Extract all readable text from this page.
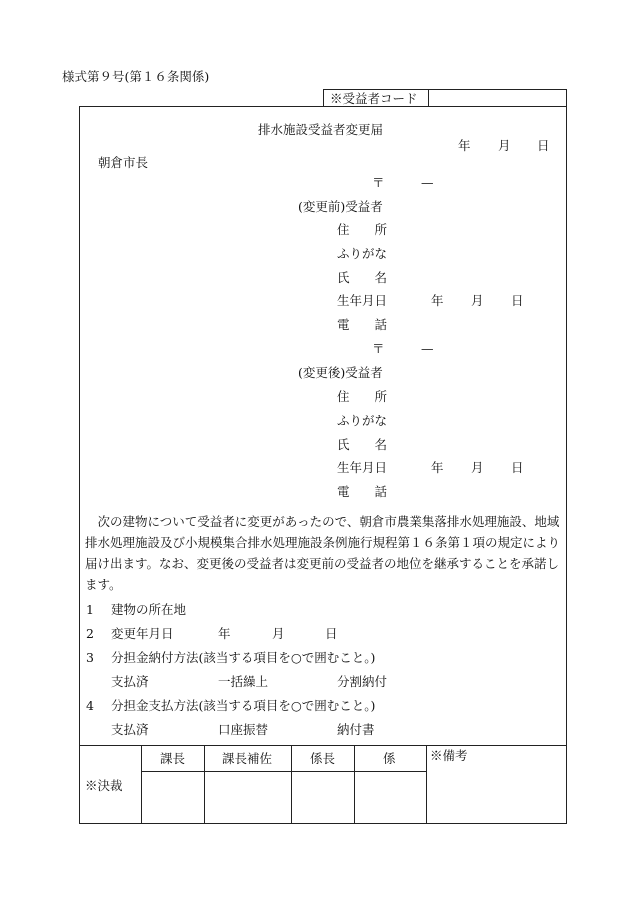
様式第９号(第１６条関係)
※受益者コード
排水施設受益者変更届
年 月 日
朝倉市長
〒	—
(変更前)受益者
住　　所
ふりがな
氏　　名
生年月日	年 月 日
電　　話
〒	—
(変更後)受益者
住　　所
ふりがな
氏　　名
生年月日	年 月 日
電　　話
　次の建物について受益者に変更があったので、朝倉市農業集落排水処理施設、地域排水処理施設及び小規模集合排水処理施設条例施行規程第１６条第１項の規定により届け出ます。なお、変更後の受益者は変更前の受益者の地位を継承することを承諾します。
1 建物の所在地
2 変更年月日	年	月	日
3 分担金納付方法(該当する項目を○で囲むこと。)
支払済	一括繰上	分割納付
4 分担金支払方法(該当する項目を○で囲むこと。)
支払済	口座振替	納付書
※決裁
課長	課長補佐	係長	係	※備考
